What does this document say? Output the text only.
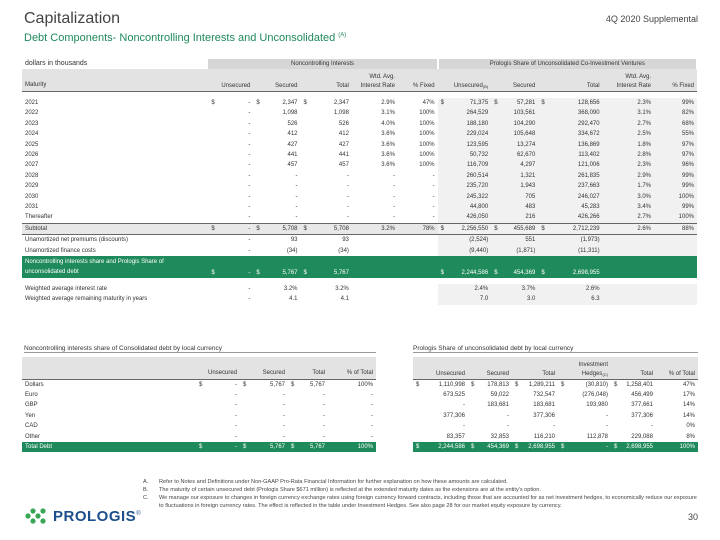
Capitalization
Debt Components- Noncontrolling Interests and Unconsolidated $^{(A)}$
4Q 2020 Supplemental
dollars in thousands	Noncontrolling Interests					Prologis Share of Unconsolidated Co-Investment Ventures				
Maturity	Unsecured	Secured	Total	Wtd. Avg.
Interest Rate	% Fixed	Unsecured$^{(B)}$	Secured	Total	Wtd. Avg.
Interest Rate	% Fixed

2021	$ -	$ 2,347	$ 2,347	2.9%	47%	$ 71,375	$ 57,281	$ 128,656	2.3%	99%
2022	-	1,098	1,098	3.1%	100%	264,529	103,561	368,090	3.1%	82%
2023	-	526	526	4.0%	100%	188,180	104,290	292,470	2.7%	68%
2024	-	412	412	3.6%	100%	229,024	105,648	334,672	2.5%	55%
2025	-	427	427	3.6%	100%	123,595	13,274	136,869	1.8%	97%
2026	-	441	441	3.6%	100%	50,732	62,670	113,402	2.8%	97%
2027	-	457	457	3.6%	100%	116,709	4,297	121,006	2.3%	96%
2028	-	-	-	-	-	260,514	1,321	261,835	2.9%	99%
2029	-	-	-	-	-	235,720	1,943	237,663	1.7%	99%
2030	-	-	-	-	-	245,322	705	246,027	3.0%	100%
2031	-	-	-	-	-	44,800	483	45,283	3.4%	99%
Thereafter	-	-	-	-	-	426,050	216	426,266	2.7%	100%
Subtotal	$ -	$ 5,708	$ 5,708	3.2%	78%	$ 2,256,550	$ 455,689	$ 2,712,239	2.6%	88%
Unamortized net premiums (discounts)	-	93	93			(2,524)	551	(1,973)		
Unamortized finance costs	-	(34)	(34)			(9,440)	(1,871)	(11,311)		
Noncontrolling interests share and Prologis Share of
unconsolidated debt	$ -	$ 5,767	$ 5,767			$ 2,244,586	$ 454,369	$ 2,698,955		

Weighted average interest rate	-	3.2%	3.2%			2.4%	3.7%	2.6%		
Weighted average remaining maturity in years	-	4.1	4.1			7.0	3.0	6.3		
Noncontrolling interests share of Consolidated debt by local currency
	Unsecured	Secured	Total	% of Total
Dollars	$ -	$ 5,767	$ 5,767	100%
Euro	-	-	-	-
GBP	-	-	-	-
Yen	-	-	-	-
CAD	-	-	-	-
Other	-	-	-	-
Total Debt	$ -	$ 5,767	$ 5,767	100%
Prologis Share of unconsolidated debt by local currency
Unsecured	Secured	Total	Investment
Hedges$^{(C)}$	Total	% of Total

$ 1,110,998	$ 178,813	$ 1,289,211	$ (30,810)	$ 1,258,401	47%
673,525	59,022	732,547	(276,048)	456,499	17%
-	183,681	183,681	193,980	377,661	14%
377,306	-	377,306	-	377,306	14%
-	-	-	-	-	0%
83,357	32,853	116,210	112,878	229,088	8%

$ 2,244,586	$ 454,369	$ 2,698,955	$ -	$ 2,698,955	100%
A.	Refer to Notes and Definitions under Non-GAAP Pro-Rata Financial Information for further explanation on how these amounts are calculated.
B.	The maturity of certain unsecured debt (Prologis Share $671 million) is reflected at the extended maturity dates as the extensions are at the entity's option.
C.	We manage our exposure to changes in foreign currency exchange rates using foreign currency forward contracts, including those that are accounted for as net investment hedges, to economically reduce our exposure to fluctuations in foreign currency rates. The effect is reflected in the table under Investment Hedges. See also page 28 for our market equity exposure by currency.
PROLOGIS®	30
